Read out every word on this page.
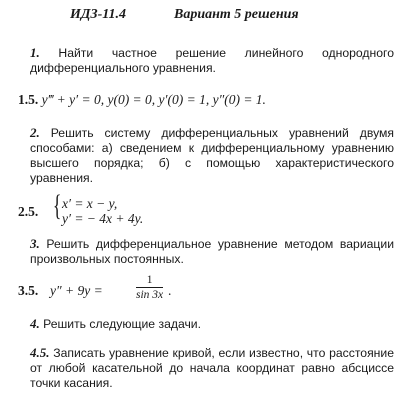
ИДЗ-11.4	Вариант 5 решения
1. Найти частное решение линейного однородного дифференциального уравнения.
1.5. y‴ + y′ = 0, y(0) = 0, y′(0) = 1, y″(0) = 1.
2. Решить систему дифференциальных уравнений двумя способами: а) сведением к дифференциальному уравнению высшего порядка; б) с помощью характеристического уравнения.
2.5. { x′ = x − y,
y′ = − 4x + 4y.
3. Решить дифференциальное уравнение методом вариации произвольных постоянных.
3.5. y″ + 9y =	$\frac{1}{\sin 3x}$ .
4. Решить следующие задачи.
4.5. Записать уравнение кривой, если известно, что расстояние от любой касательной до начала координат равно абсциссе точки касания.
